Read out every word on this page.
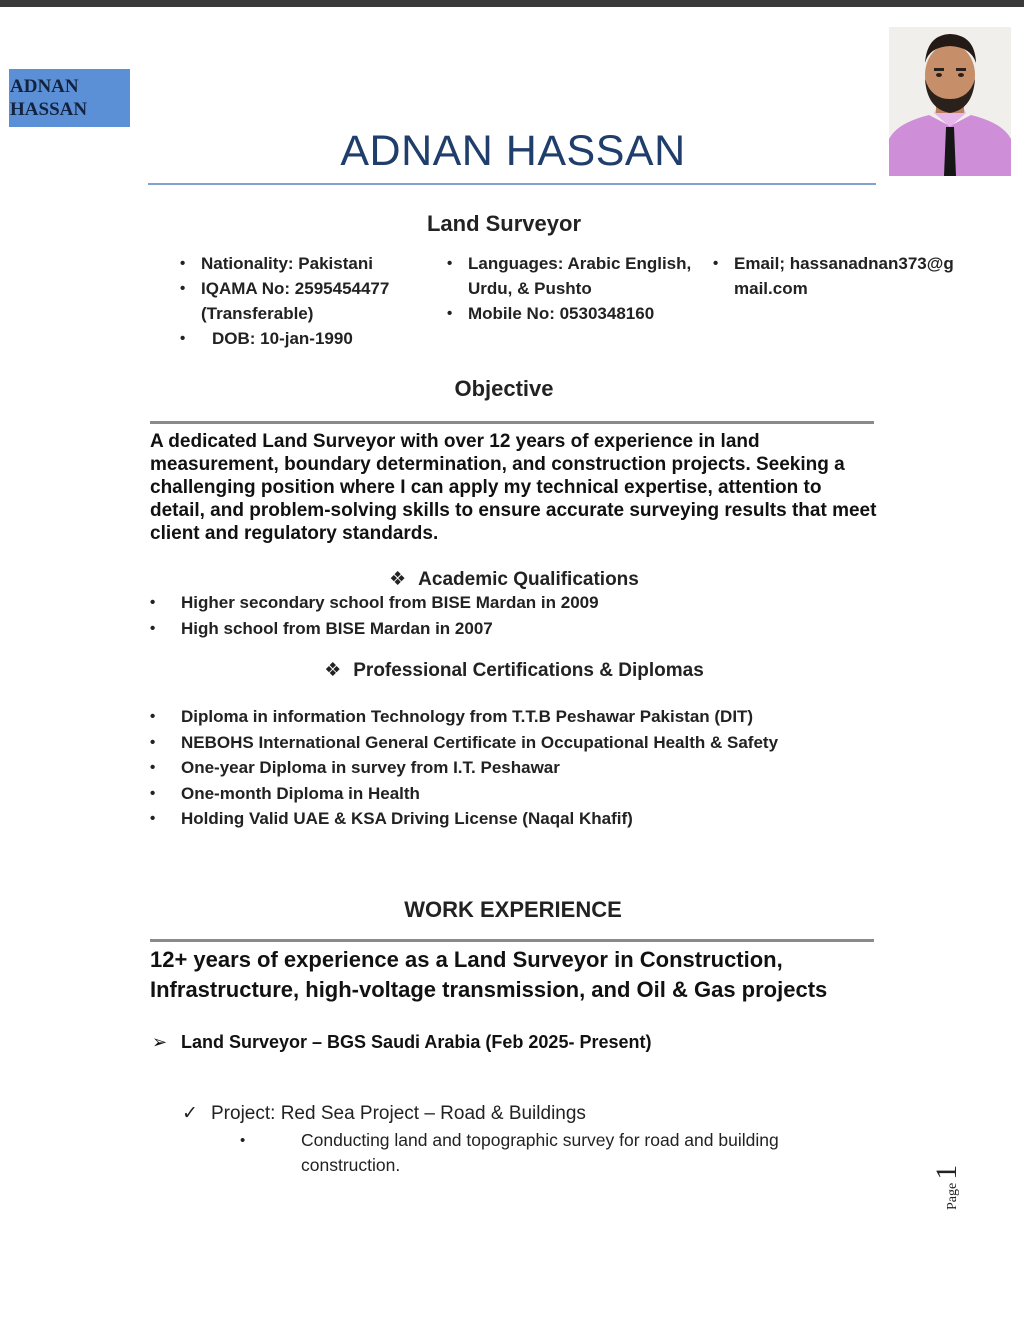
ADNAN
HASSAN
ADNAN HASSAN
Land Surveyor
• Nationality: Pakistani
• IQAMA No: 2595454477 (Transferable)
• DOB: 10-jan-1990
• Languages: Arabic English, Urdu, & Pushto
• Mobile No: 0530348160
• Email; hassanadnan373@gmail.com
Objective

A dedicated Land Surveyor with over 12 years of experience in land measurement, boundary determination, and construction projects. Seeking a challenging position where I can apply my technical expertise, attention to detail, and problem-solving skills to ensure accurate surveying results that meet client and regulatory standards.

❖ Academic Qualifications
• Higher secondary school from BISE Mardan in 2009
• High school from BISE Mardan in 2007
❖ Professional Certifications & Diplomas
• Diploma in information Technology from T.T.B Peshawar Pakistan (DIT)
• NEBOHS International General Certificate in Occupational Health & Safety
• One-year Diploma in survey from I.T. Peshawar
• One-month Diploma in Health
• Holding Valid UAE & KSA Driving License (Naqal Khafif)
WORK EXPERIENCE

12+ years of experience as a Land Surveyor in Construction, Infrastructure, high-voltage transmission, and Oil & Gas projects

➢ Land Surveyor – BGS Saudi Arabia (Feb 2025- Present)
✓ Project: Red Sea Project – Road & Buildings
•	Conducting land and topographic survey for road and building construction.

Page1
